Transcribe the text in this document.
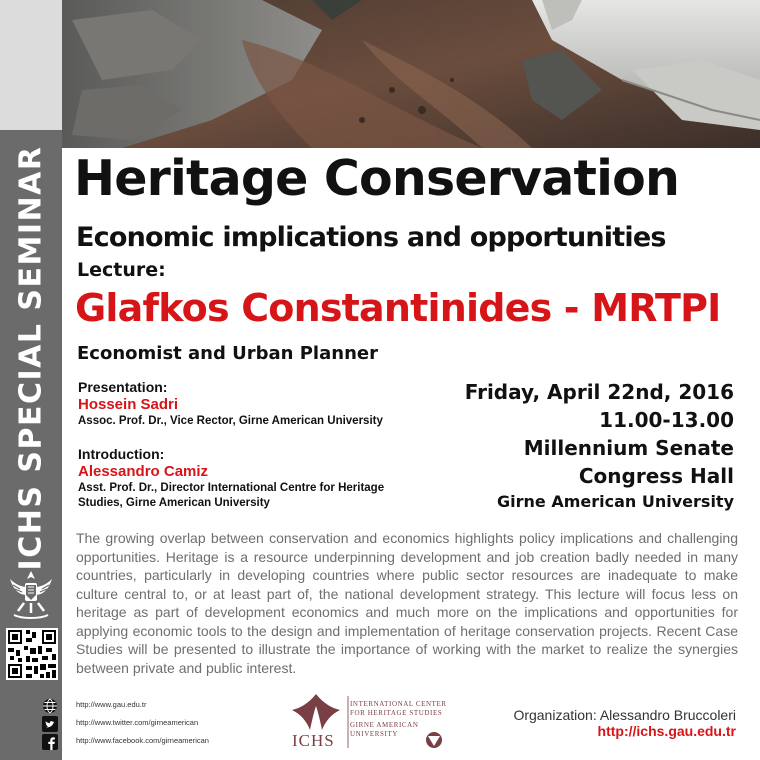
ICHS SPECIAL SEMINAR Heritage Conservation
Economic implications and opportunities
Lecture:
Glafkos Constantinides - MRTPI
Economist and Urban Planner
Presentation:
Hossein Sadri
Assoc. Prof. Dr., Vice Rector, Girne American University
Introduction:
Alessandro Camiz
Asst. Prof. Dr., Director International Centre for Heritage
Studies, Girne American University
Friday, April 22nd, 2016
11.00-13.00
Millennium Senate
Congress Hall
Girne American University
The growing overlap between conservation and economics highlights policy implications and challenging opportunities. Heritage is a resource underpinning development and job creation badly needed in many countries, particularly in developing countries where public sector resources are inadequate to make culture central to, or at least part of, the national development strategy. This lecture will focus less on heritage as part of development economics and much more on the implications and opportunities for applying economic tools to the design and implementation of heritage conservation projects. Recent Case Studies will be presented to illustrate the importance of working with the market to realize the synergies between private and public interest.
http://www.gau.edu.tr
http://www.twitter.com/girneamerican
http://www.facebook.com/girneamerican	ICHS
INTERNATIONAL CENTER
FOR HERITAGE STUDIES
GIRNE AMERICAN
UNIVERSITY
Organization: Alessandro Bruccoleri
http://ichs.gau.edu.tr
